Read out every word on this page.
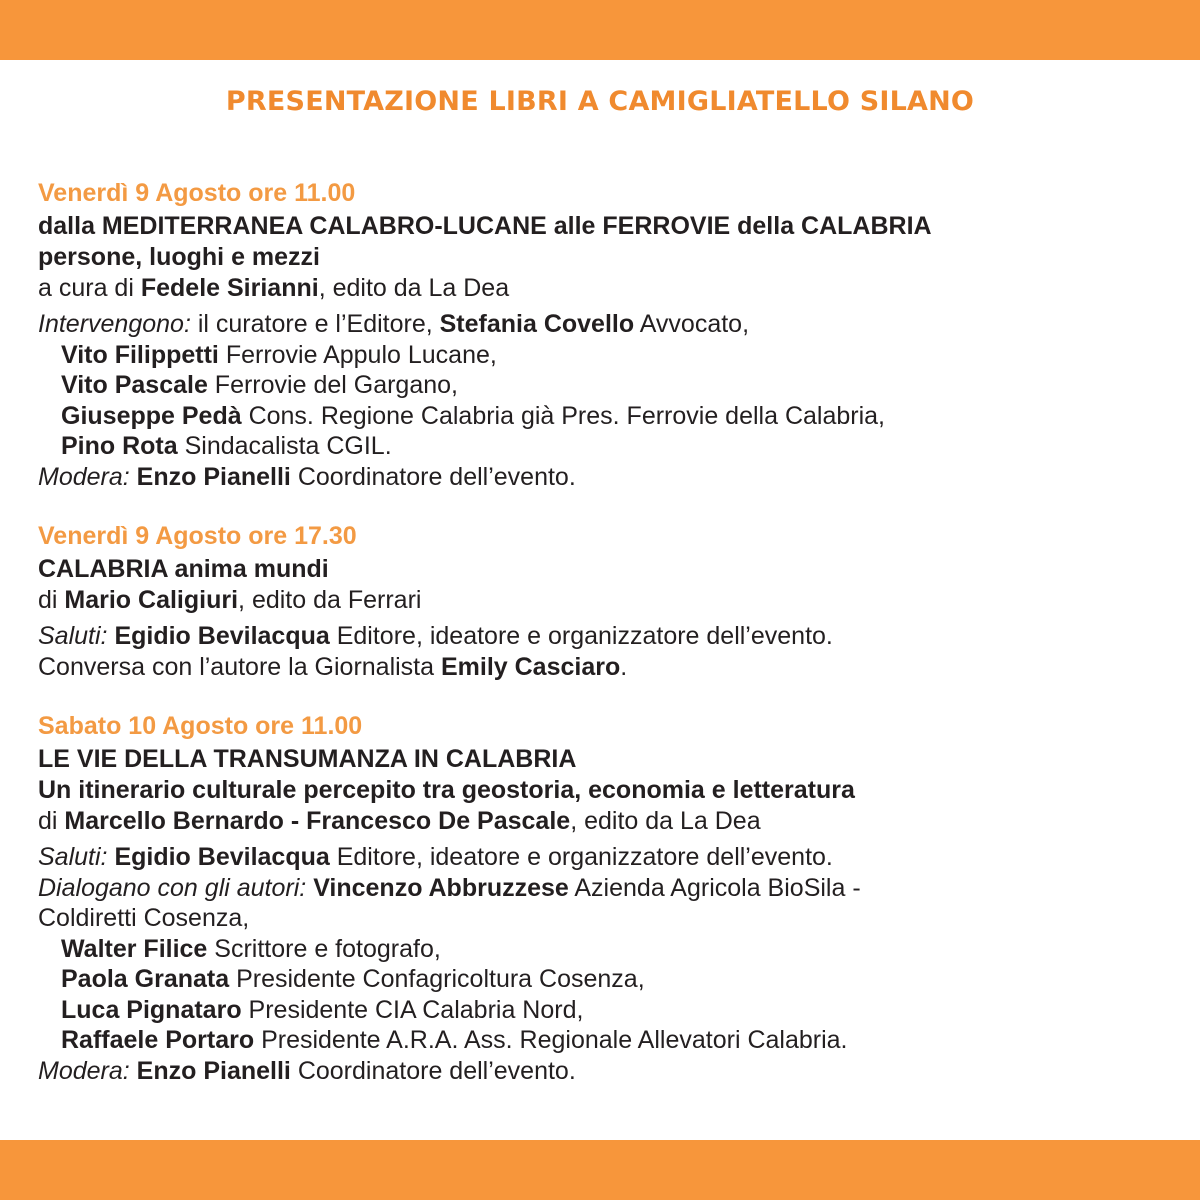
PRESENTAZIONE LIBRI A CAMIGLIATELLO SILANO
Venerdì 9 Agosto ore 11.00
dalla MEDITERRANEA CALABRO-LUCANE alle FERROVIE della CALABRIA
persone, luoghi e mezzi
a cura di Fedele Sirianni, edito da La Dea
Intervengono: il curatore e l’Editore, Stefania Covello Avvocato,
Vito Filippetti Ferrovie Appulo Lucane,
Vito Pascale Ferrovie del Gargano,
Giuseppe Pedà Cons. Regione Calabria già Pres. Ferrovie della Calabria,
Pino Rota Sindacalista CGIL.
Modera: Enzo Pianelli Coordinatore dell’evento.
Venerdì 9 Agosto ore 17.30
CALABRIA anima mundi
di Mario Caligiuri, edito da Ferrari
Saluti: Egidio Bevilacqua Editore, ideatore e organizzatore dell’evento.
Conversa con l’autore la Giornalista Emily Casciaro.
Sabato 10 Agosto ore 11.00
LE VIE DELLA TRANSUMANZA IN CALABRIA
Un itinerario culturale percepito tra geostoria, economia e letteratura
di Marcello Bernardo - Francesco De Pascale, edito da La Dea
Saluti: Egidio Bevilacqua Editore, ideatore e organizzatore dell’evento.
Dialogano con gli autori: Vincenzo Abbruzzese Azienda Agricola BioSila -
Coldiretti Cosenza,
Walter Filice Scrittore e fotografo,
Paola Granata Presidente Confagricoltura Cosenza,
Luca Pignataro Presidente CIA Calabria Nord,
Raffaele Portaro Presidente A.R.A. Ass. Regionale Allevatori Calabria.
Modera: Enzo Pianelli Coordinatore dell’evento.
